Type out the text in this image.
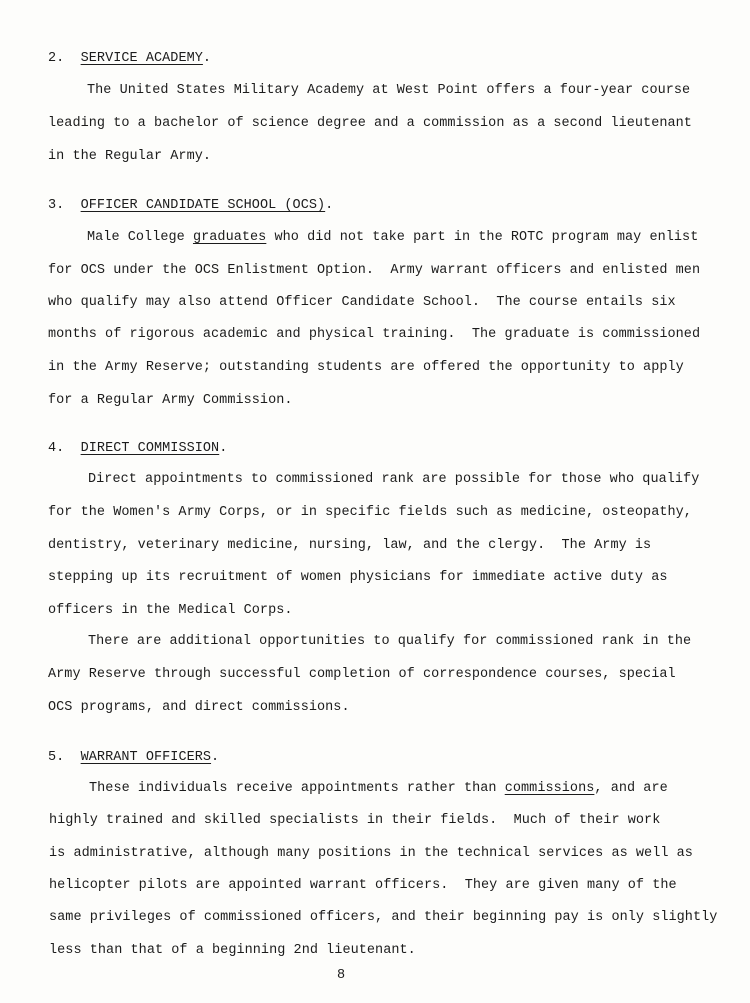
2. SERVICE ACADEMY.
The United States Military Academy at West Point offers a four-year course
leading to a bachelor of science degree and a commission as a second lieutenant
in the Regular Army.
3. OFFICER CANDIDATE SCHOOL (OCS).
Male College graduates who did not take part in the ROTC program may enlist
for OCS under the OCS Enlistment Option.  Army warrant officers and enlisted men
who qualify may also attend Officer Candidate School.  The course entails six
months of rigorous academic and physical training.  The graduate is commissioned
in the Army Reserve; outstanding students are offered the opportunity to apply
for a Regular Army Commission.
4. DIRECT COMMISSION.
Direct appointments to commissioned rank are possible for those who qualify
for the Women's Army Corps, or in specific fields such as medicine, osteopathy,
dentistry, veterinary medicine, nursing, law, and the clergy.  The Army is
stepping up its recruitment of women physicians for immediate active duty as
officers in the Medical Corps.
There are additional opportunities to qualify for commissioned rank in the
Army Reserve through successful completion of correspondence courses, special
OCS programs, and direct commissions.
5. WARRANT OFFICERS.
These individuals receive appointments rather than commissions, and are
highly trained and skilled specialists in their fields.  Much of their work
is administrative, although many positions in the technical services as well as
helicopter pilots are appointed warrant officers.  They are given many of the
same privileges of commissioned officers, and their beginning pay is only slightly
less than that of a beginning 2nd lieutenant.
8
